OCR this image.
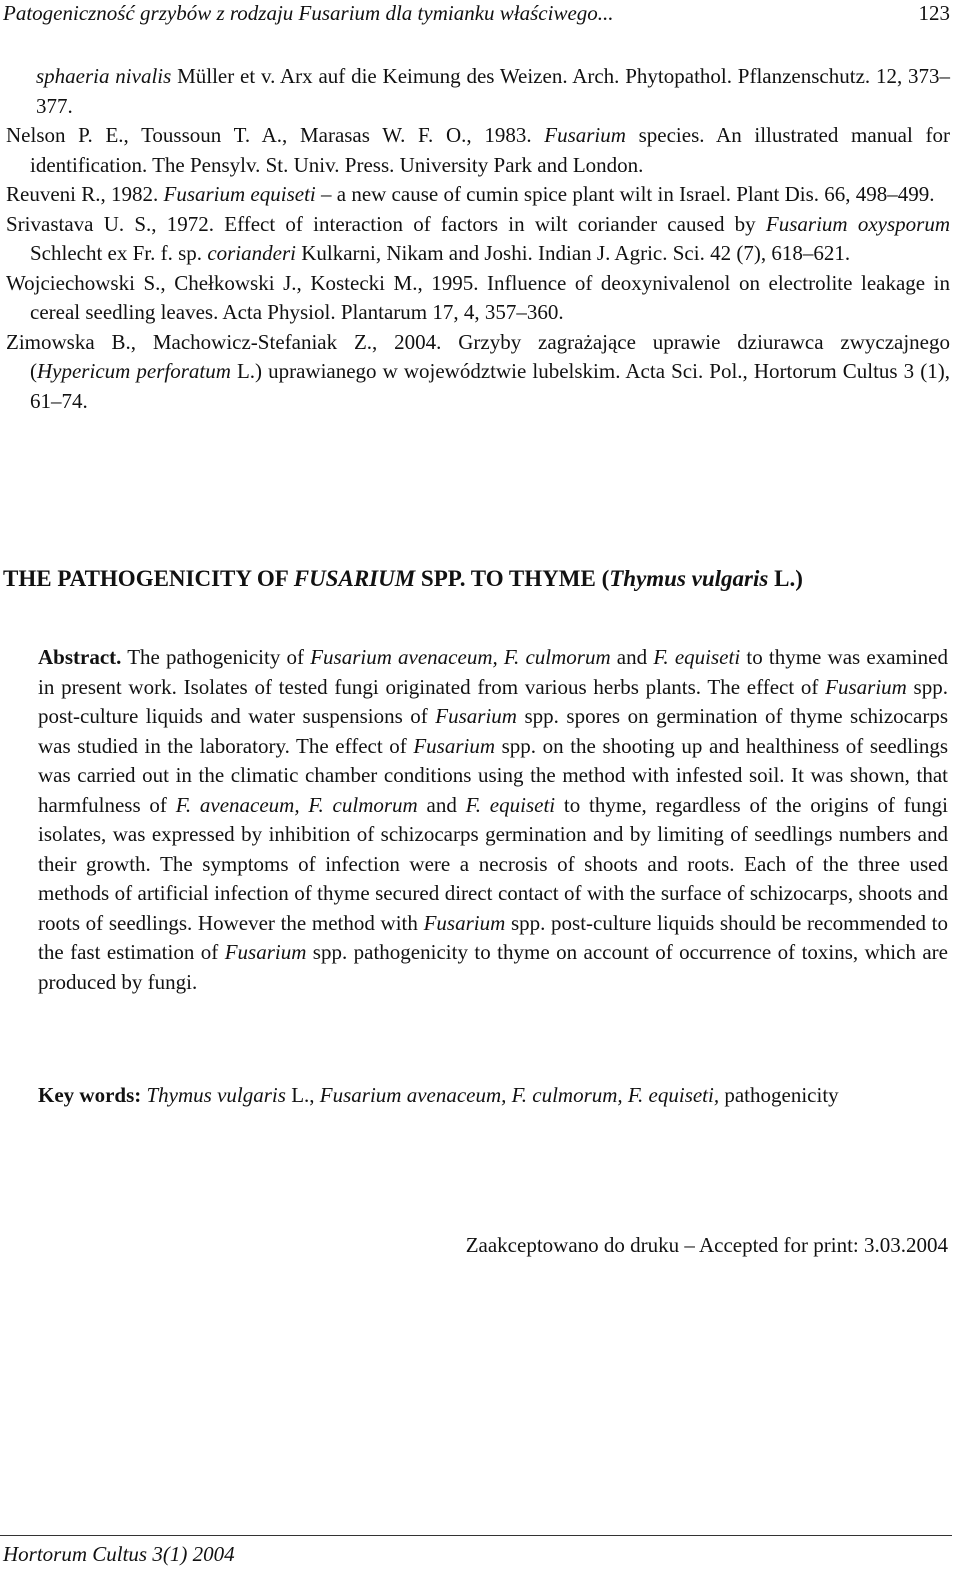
Patogeniczność grzybów z rodzaju Fusarium dla tymianku właściwego...	123

sphaeria nivalis Müller et v. Arx auf die Keimung des Weizen. Arch. Phytopathol. Pflanzenschutz. 12, 373–377.

Nelson P. E., Toussoun T. A., Marasas W. F. O., 1983. Fusarium species. An illustrated manual for identification. The Pensylv. St. Univ. Press. University Park and London.

Reuveni R., 1982. Fusarium equiseti – a new cause of cumin spice plant wilt in Israel. Plant Dis. 66, 498–499.

Srivastava U. S., 1972. Effect of interaction of factors in wilt coriander caused by Fusarium oxysporum Schlecht ex Fr. f. sp. corianderi Kulkarni, Nikam and Joshi. Indian J. Agric. Sci. 42 (7), 618–621.

Wojciechowski S., Chełkowski J., Kostecki M., 1995. Influence of deoxynivalenol on electrolite leakage in cereal seedling leaves. Acta Physiol. Plantarum 17, 4, 357–360.

Zimowska B., Machowicz-Stefaniak Z., 2004. Grzyby zagrażające uprawie dziurawca zwyczajnego (Hypericum perforatum L.) uprawianego w województwie lubelskim. Acta Sci. Pol., Hortorum Cultus 3 (1), 61–74.

THE PATHOGENICITY OF FUSARIUM SPP. TO THYME (Thymus vulgaris L.)

Abstract. The pathogenicity of Fusarium avenaceum, F. culmorum and F. equiseti to thyme was examined in present work. Isolates of tested fungi originated from various herbs plants. The effect of Fusarium spp. post-culture liquids and water suspensions of Fusarium spp. spores on germination of thyme schizocarps was studied in the laboratory. The effect of Fusarium spp. on the shooting up and healthiness of seedlings was carried out in the climatic chamber conditions using the method with infested soil. It was shown, that harmfulness of F. avenaceum, F. culmorum and F. equiseti to thyme, regardless of the origins of fungi isolates, was expressed by inhibition of schizocarps germination and by limiting of seedlings numbers and their growth. The symptoms of infection were a necrosis of shoots and roots. Each of the three used methods of artificial infection of thyme secured direct contact of with the surface of schizocarps, shoots and roots of seedlings. However the method with Fusarium spp. post-culture liquids should be recommended to the fast estimation of Fusarium spp. pathogenicity to thyme on account of occurrence of toxins, which are produced by fungi.

Key words: Thymus vulgaris L., Fusarium avenaceum, F. culmorum, F. equiseti, pathogenicity

Zaakceptowano do druku – Accepted for print: 3.03.2004
Hortorum Cultus 3(1) 2004
